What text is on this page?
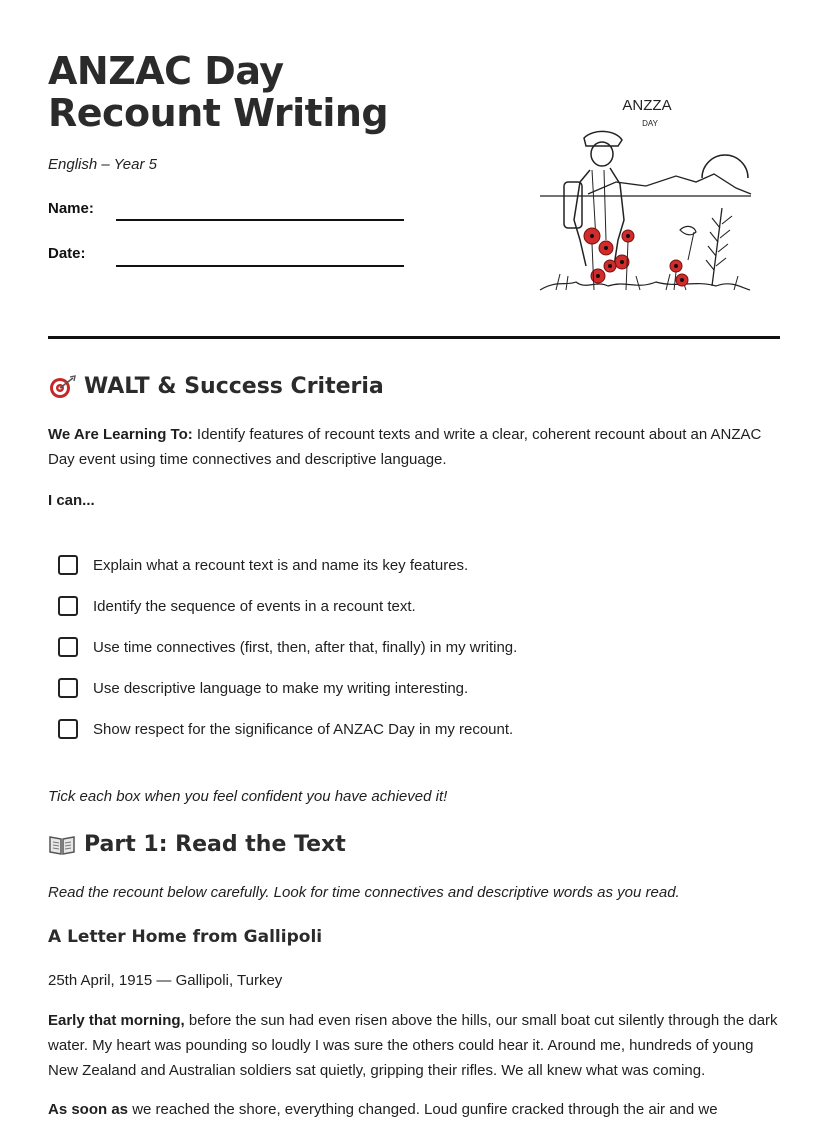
ANZAC Day Recount Writing
English – Year 5
Name:
Date:
ANZZA
DAY
WALT & Success Criteria
We Are Learning To: Identify features of recount texts and write a clear, coherent recount about an ANZAC Day event using time connectives and descriptive language.
I can...
Explain what a recount text is and name its key features.
Identify the sequence of events in a recount text.
Use time connectives (first, then, after that, finally) in my writing.
Use descriptive language to make my writing interesting.
Show respect for the significance of ANZAC Day in my recount.
Tick each box when you feel confident you have achieved it!
Part 1: Read the Text
Read the recount below carefully. Look for time connectives and descriptive words as you read.
A Letter Home from Gallipoli
25th April, 1915 — Gallipoli, Turkey
Early that morning, before the sun had even risen above the hills, our small boat cut silently through the dark water. My heart was pounding so loudly I was sure the others could hear it. Around me, hundreds of young New Zealand and Australian soldiers sat quietly, gripping their rifles. We all knew what was coming.
As soon as we reached the shore, everything changed. Loud gunfire cracked through the air and we
